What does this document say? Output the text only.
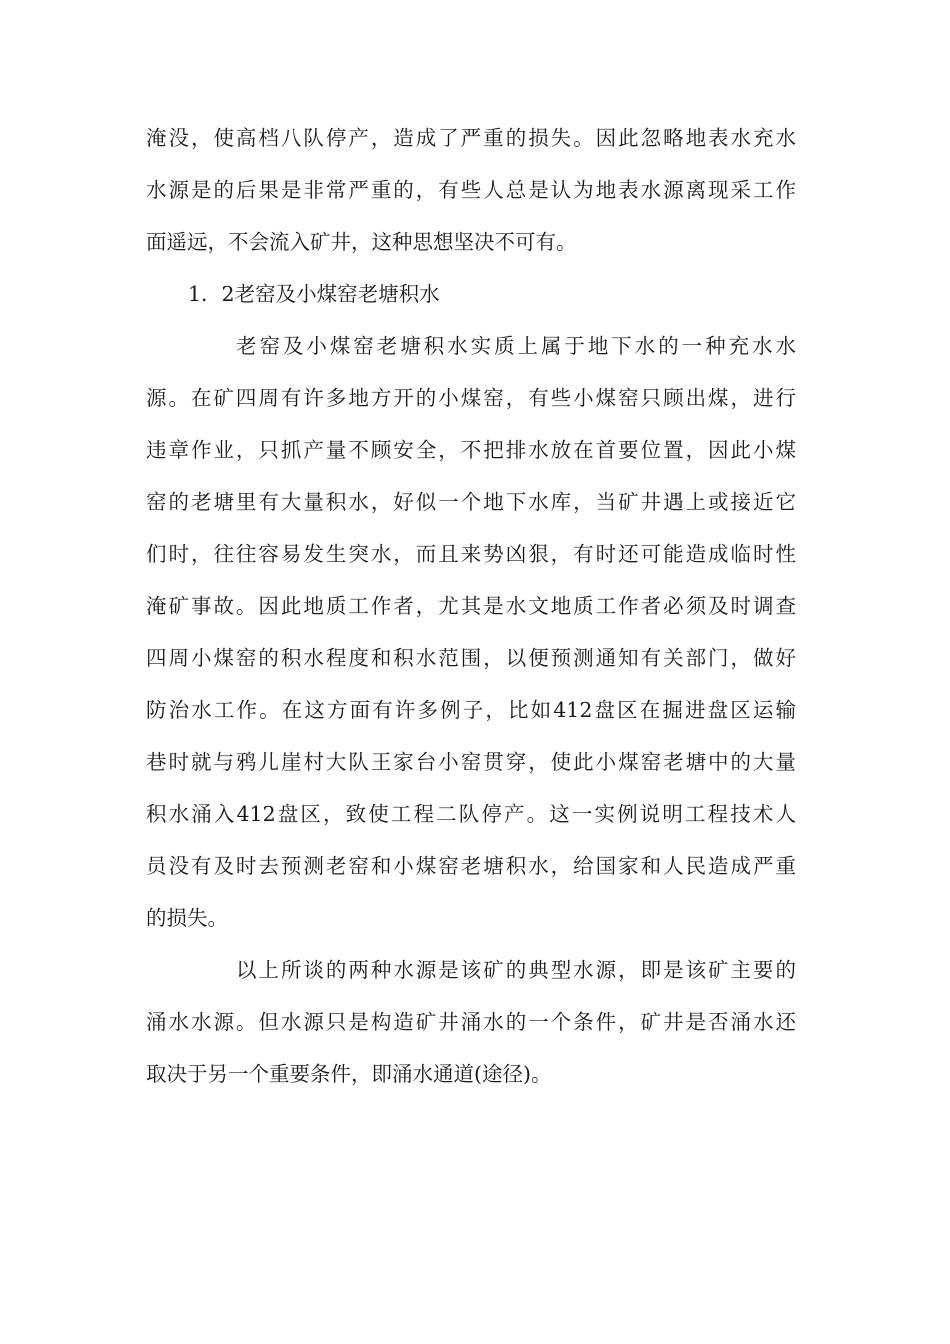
淹没，使高档八队停产，造成了严重的损失。因此忽略地表水充水
水源是的后果是非常严重的，有些人总是认为地表水源离现采工作
面遥远，不会流入矿井，这种思想坚决不可有。
1．2老窑及小煤窑老塘积水
老窑及小煤窑老塘积水实质上属于地下水的一种充水水
源。在矿四周有许多地方开的小煤窑，有些小煤窑只顾出煤，进行
违章作业，只抓产量不顾安全，不把排水放在首要位置，因此小煤
窑的老塘里有大量积水，好似一个地下水库，当矿井遇上或接近它
们时，往往容易发生突水，而且来势凶狠，有时还可能造成临时性
淹矿事故。因此地质工作者，尤其是水文地质工作者必须及时调查
四周小煤窑的积水程度和积水范围，以便预测通知有关部门，做好
防治水工作。在这方面有许多例子，比如412盘区在掘进盘区运输
巷时就与鸦儿崖村大队王家台小窑贯穿，使此小煤窑老塘中的大量
积水涌入412盘区，致使工程二队停产。这一实例说明工程技术人
员没有及时去预测老窑和小煤窑老塘积水，给国家和人民造成严重
的损失。
以上所谈的两种水源是该矿的典型水源，即是该矿主要的
涌水水源。但水源只是构造矿井涌水的一个条件，矿井是否涌水还
取决于另一个重要条件，即涌水通道(途径)。
